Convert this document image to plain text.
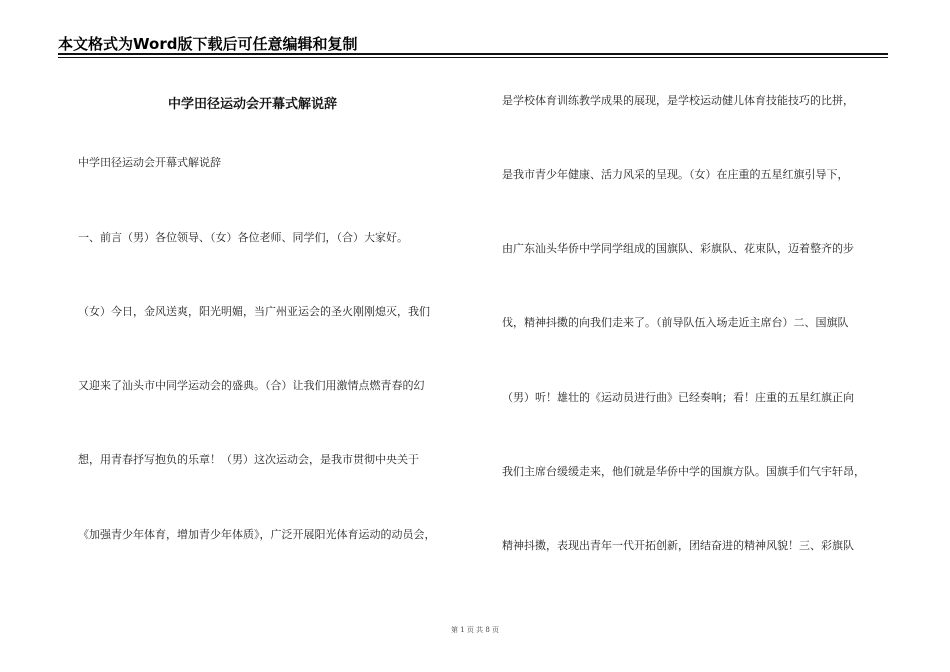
本文格式为Word版下载后可任意编辑和复制
中学田径运动会开幕式解说辞
中学田径运动会开幕式解说辞
一、前言（男）各位领导、（女）各位老师、同学们，（合）大家好。
（女）今日，金风送爽，阳光明媚，当广州亚运会的圣火刚刚熄灭，我们
又迎来了汕头市中同学运动会的盛典。（合）让我们用激情点燃青春的幻
想，用青春抒写抱负的乐章！（男）这次运动会，是我市贯彻中央关于
《加强青少年体育，增加青少年体质》，广泛开展阳光体育运动的动员会，
是学校体育训练教学成果的展现，是学校运动健儿体育技能技巧的比拼，
是我市青少年健康、活力风采的呈现。（女）在庄重的五星红旗引导下，
由广东汕头华侨中学同学组成的国旗队、彩旗队、花束队，迈着整齐的步
伐，精神抖擞的向我们走来了。（前导队伍入场走近主席台）二、国旗队
（男）听！雄壮的《运动员进行曲》已经奏响；看！庄重的五星红旗正向
我们主席台缓缓走来，他们就是华侨中学的国旗方队。国旗手们气宇轩昂，
精神抖擞，表现出青年一代开拓创新，团结奋进的精神风貌！三、彩旗队
第 1 页 共 8 页
